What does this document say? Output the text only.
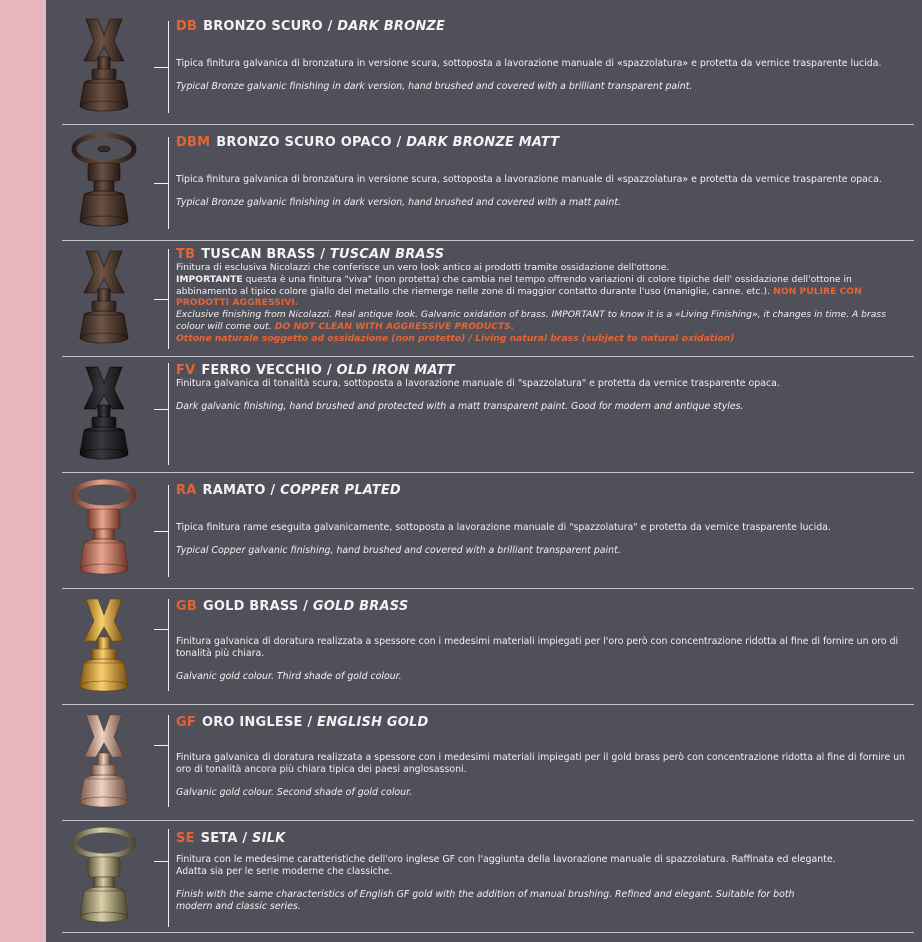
DB BRONZO SCURO / DARK BRONZE
Tipica finitura galvanica di bronzatura in versione scura, sottoposta a lavorazione manuale di «spazzolatura» e protetta da vernice trasparente lucida.
Typical Bronze galvanic finishing in dark version, hand brushed and covered with a brilliant transparent paint.
DBM BRONZO SCURO OPACO / DARK BRONZE MATT
Tipica finitura galvanica di bronzatura in versione scura, sottoposta a lavorazione manuale di «spazzolatura» e protetta da vernice trasparente opaca.
Typical Bronze galvanic finishing in dark version, hand brushed and covered with a matt paint.
TB TUSCAN BRASS / TUSCAN BRASS
Finitura di esclusiva Nicolazzi che conferisce un vero look antico ai prodotti tramite ossidazione dell'ottone.
IMPORTANTE questa è una finitura "viva" (non protetta) che cambia nel tempo offrendo variazioni di colore tipiche dell' ossidazione dell'ottone in abbinamento al tipico colore giallo del metallo che riemerge nelle zone di maggior contatto durante l'uso (maniglie, canne. etc.). NON PULIRE CON PRODOTTI AGGRESSIVI.
Exclusive finishing from Nicolazzi. Real antique look. Galvanic oxidation of brass. IMPORTANT to know it is a «Living Finishing», it changes in time. A brass colour will come out. DO NOT CLEAN WITH AGGRESSIVE PRODUCTS.
Ottone naturale soggetto ad ossidazione (non protetto) / Living natural brass (subject to natural oxidation)
FV FERRO VECCHIO / OLD IRON MATT
Finitura galvanica di tonalità scura, sottoposta a lavorazione manuale di "spazzolatura" e protetta da vernice trasparente opaca.
Dark galvanic finishing, hand brushed and protected with a matt transparent paint. Good for modern and antique styles.
RA RAMATO / COPPER PLATED
Tipica finitura rame eseguita galvanicamente, sottoposta a lavorazione manuale di "spazzolatura" e protetta da vernice trasparente lucida.
Typical Copper galvanic finishing, hand brushed and covered with a brilliant transparent paint.
GB GOLD BRASS / GOLD BRASS
Finitura galvanica di doratura realizzata a spessore con i medesimi materiali impiegati per l'oro però con concentrazione ridotta al fine di fornire un oro di tonalità più chiara.
Galvanic gold colour. Third shade of gold colour.
GF ORO INGLESE / ENGLISH GOLD
Finitura galvanica di doratura realizzata a spessore con i medesimi materiali impiegati per il gold brass però con concentrazione ridotta al fine di fornire un oro di tonalità ancora più chiara tipica dei paesi anglosassoni.
Galvanic gold colour. Second shade of gold colour.
SE SETA / SILK
Finitura con le medesime caratteristiche dell'oro inglese GF con l'aggiunta della lavorazione manuale di spazzolatura. Raffinata ed elegante. Adatta sia per le serie moderne che classiche.
Finish with the same characteristics of English GF gold with the addition of manual brushing. Refined and elegant. Suitable for both modern and classic series.
